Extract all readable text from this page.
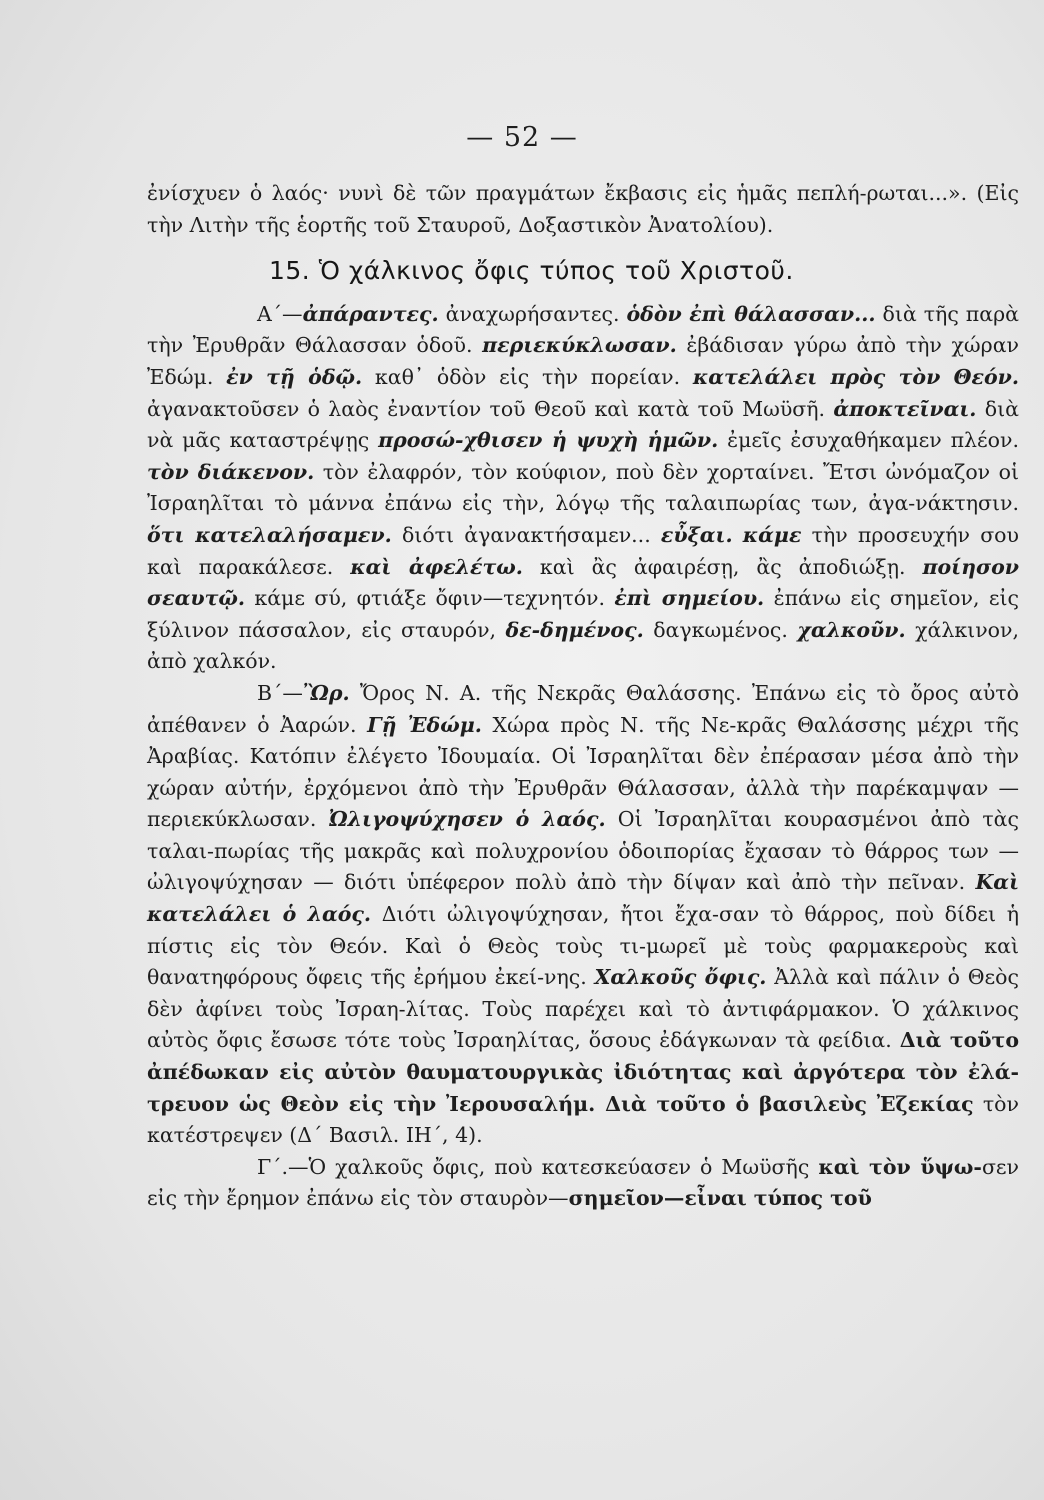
— 52 —

ἐνίσχυεν ὁ λαός· νυνὶ δὲ τῶν πραγμάτων ἔκβασις εἰς ἡμᾶς πεπλή-ρωται...». (Εἰς τὴν Λιτὴν τῆς ἑορτῆς τοῦ Σταυροῦ, Δοξαστικὸν Ἀνατολίου).

15. Ὁ χάλκινος ὄφις τύπος τοῦ Χριστοῦ.

Α΄—ἀπάραντες. ἀναχωρήσαντες. ὁδὸν ἐπὶ θάλασσαν... διὰ τῆς παρὰ τὴν Ἐρυθρᾶν Θάλασσαν ὁδοῦ. περιεκύκλωσαν. ἐβάδισαν γύρω ἀπὸ τὴν χώραν Ἐδώμ. ἐν τῇ ὁδῷ. καθ᾽ ὁδὸν εἰς τὴν πορείαν. κατελάλει πρὸς τὸν Θεόν. ἀγανακτοῦσεν ὁ λαὸς ἐναντίον τοῦ Θεοῦ καὶ κατὰ τοῦ Μωϋσῆ. ἀποκτεῖναι. διὰ νὰ μᾶς καταστρέψῃς προσώ-χθισεν ἡ ψυχὴ ἡμῶν. ἐμεῖς ἐσυχαθήκαμεν πλέον. τὸν διάκενον. τὸν ἐλαφρόν, τὸν κούφιον, ποὺ δὲν χορταίνει. Ἔτσι ὠνόμαζον οἱ Ἰσραηλῖται τὸ μάννα ἐπάνω εἰς τὴν, λόγῳ τῆς ταλαιπωρίας των, ἀγα-νάκτησιν. ὅτι κατελαλήσαμεν. διότι ἀγανακτήσαμεν... εὖξαι. κάμε τὴν προσευχήν σου καὶ παρακάλεσε. καὶ ἀφελέτω. καὶ ἂς ἀφαιρέσῃ, ἂς ἀποδιώξῃ. ποίησον σεαυτῷ. κάμε σύ, φτιάξε ὄφιν—τεχνητόν. ἐπὶ σημείου. ἐπάνω εἰς σημεῖον, εἰς ξύλινον πάσσαλον, εἰς σταυρόν, δε-δημένος. δαγκωμένος. χαλκοῦν. χάλκινον, ἀπὸ χαλκόν.

Β΄—Ὢρ. Ὄρος Ν. Α. τῆς Νεκρᾶς Θαλάσσης. Ἐπάνω εἰς τὸ ὄρος αὐτὸ ἀπέθανεν ὁ Ἀαρών. Γῇ Ἐδώμ. Χώρα πρὸς Ν. τῆς Νε-κρᾶς Θαλάσσης μέχρι τῆς Ἀραβίας. Κατόπιν ἐλέγετο Ἰδουμαία. Οἱ Ἰσραηλῖται δὲν ἐπέρασαν μέσα ἀπὸ τὴν χώραν αὐτήν, ἐρχόμενοι ἀπὸ τὴν Ἐρυθρᾶν Θάλασσαν, ἀλλὰ τὴν παρέκαμψαν — περιεκύκλωσαν. Ὠλιγοψύχησεν ὁ λαός. Οἱ Ἰσραηλῖται κουρασμένοι ἀπὸ τὰς ταλαι-πωρίας τῆς μακρᾶς καὶ πολυχρονίου ὁδοιπορίας ἔχασαν τὸ θάρρος των — ὠλιγοψύχησαν — διότι ὑπέφερον πολὺ ἀπὸ τὴν δίψαν καὶ ἀπὸ τὴν πεῖναν. Καὶ κατελάλει ὁ λαός. Διότι ὠλιγοψύχησαν, ἤτοι ἔχα-σαν τὸ θάρρος, ποὺ δίδει ἡ πίστις εἰς τὸν Θεόν. Καὶ ὁ Θεὸς τοὺς τι-μωρεῖ μὲ τοὺς φαρμακεροὺς καὶ θανατηφόρους ὄφεις τῆς ἐρήμου ἐκεί-νης. Χαλκοῦς ὄφις. Ἀλλὰ καὶ πάλιν ὁ Θεὸς δὲν ἀφίνει τοὺς Ἰσραη-λίτας. Τοὺς παρέχει καὶ τὸ ἀντιφάρμακον. Ὁ χάλκινος αὐτὸς ὄφις ἔσωσε τότε τοὺς Ἰσραηλίτας, ὅσους ἐδάγκωναν τὰ φείδια. Διὰ τοῦτο ἀπέδωκαν εἰς αὐτὸν θαυματουργικὰς ἰδιότητας καὶ ἀργότερα τὸν ἐλά-τρευον ὡς Θεὸν εἰς τὴν Ἰερουσαλήμ. Διὰ τοῦτο ὁ βασιλεὺς Ἐζεκίας τὸν κατέστρεψεν (Δ΄ Βασιλ. ΙΗ΄, 4).

Γ΄.—Ὁ χαλκοῦς ὄφις, ποὺ κατεσκεύασεν ὁ Μωϋσῆς καὶ τὸν ὕψω-σεν εἰς τὴν ἔρημον ἐπάνω εἰς τὸν σταυρὸν—σημεῖον—εἶναι τύπος τοῦ
